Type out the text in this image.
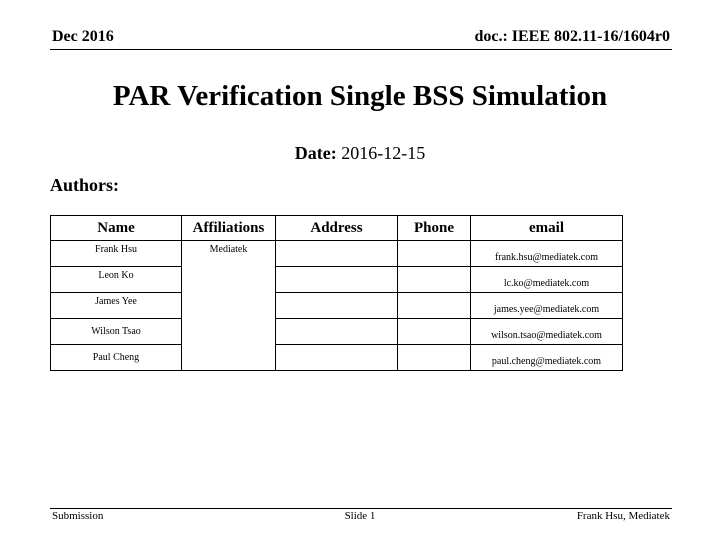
Dec 2016	doc.: IEEE 802.11-16/1604r0
PAR Verification Single BSS Simulation
Date: 2016-12-15
Authors:
Name	Affiliations	Address	Phone	email
Frank Hsu	Mediatek			frank.hsu@mediatek.com
Leon Ko				lc.ko@mediatek.com
James Yee				james.yee@mediatek.com
Wilson Tsao				wilson.tsao@mediatek.com
Paul Cheng				paul.cheng@mediatek.com
Submission	Slide 1	Frank Hsu, Mediatek
